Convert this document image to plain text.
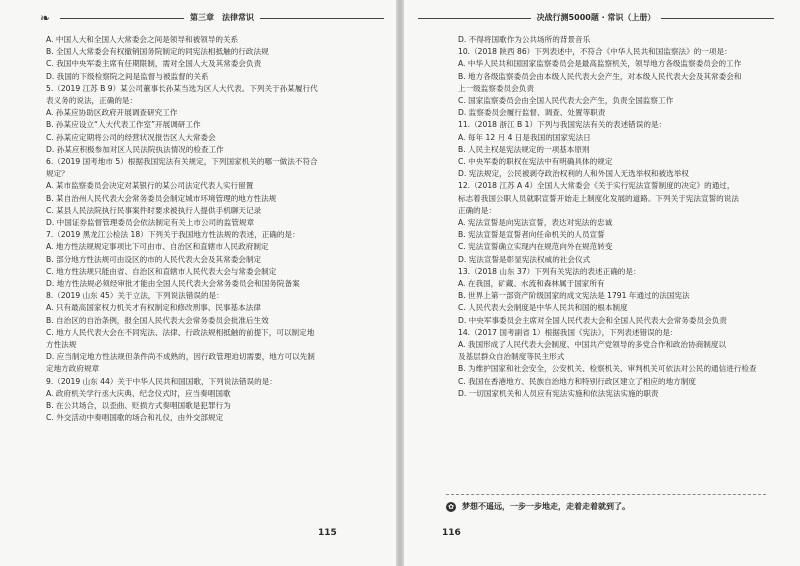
❧	第三章 法律常识
A. 中国人大和全国人大常委会之间是领导和被领导的关系
B. 全国人大常委会有权撤销国务院制定的同宪法相抵触的行政法规
C. 我国中央军委主席有任期限制，需对全国人大及其常委会负责
D. 我国的下级检察院之间是监督与被监督的关系
5.（2019 江苏 B 9）某公司董事长孙某当选为区人大代表。下列关于孙某履行代
表义务的说法，正确的是：
A. 孙某应协助区政府开展调查研究工作
B. 孙某应设立“人大代表工作室”开展调研工作
C. 孙某应定期将公司的经营状况报告区人大常委会
D. 孙某应积极参加对区人民法院执法情况的检查工作
6.（2019 国考地市 5）根据我国宪法有关规定，下列国家机关的哪一做法不符合
规定？
A. 某市监察委员会决定对某银行的某公司法定代表人实行留置
B. 某自治州人民代表大会常务委员会制定城市环境管理的地方性法规
C. 某县人民法院执行民事案件时要求被执行人提供手机聊天记录
D. 中国证券监督管理委员会依法制定有关上市公司的监管规章
7.（2019 黑龙江公检法 18）下列关于我国地方性法规的表述，正确的是：
A. 地方性法规规定事项比下可由市、自治区和直辖市人民政府制定
B. 部分地方性法规可由设区的市的人民代表大会及其常委会制定
C. 地方性法规只能由省、自治区和直辖市人民代表大会与常委会制定
D. 地方性法规必须经审批才能由全国人民代表大会常务委员会和国务院备案
8.（2019 山东 45）关于立法，下列说法错误的是：
A. 只有最高国家权力机关才有权制定和修改刑事、民事基本法律
B. 自治区的自治条例，报全国人民代表大会常务委员会批准后生效
C. 地方人民代表大会在不同宪法、法律、行政法规相抵触的前提下，可以制定地
方性法规
D. 应当制定地方性法规但条件尚不成熟的，因行政管理迫切需要，地方可以先制
定地方政府规章
9.（2019 山东 44）关于中华人民共和国国歌，下列说法错误的是：
A. 政府机关学行丞大庆典、纪念仪式时，应当奏唱国歌
B. 在公共场合，以歪曲、贬损方式奏唱国歌是犯罪行为
C. 外交活动中奏唱国歌的场合和礼仪，由外交部规定
115
决战行测5000题 · 常识（上册）
D. 不得将国歌作为公共场所的背景音乐
10.（2018 陕西 86）下列表述中，不符合《中华人民共和国监察法》的一项是：
A. 中华人民共和国国家监察委员会是最高监察机关，领导地方各级监察委员会的工作
B. 地方各级监察委员会由本级人民代表大会产生，对本级人民代表大会及其常委会和
上一级监察委员会负责
C. 国家监察委员会由全国人民代表大会产生，负责全国监察工作
D. 监察委员会履行监督、调查、处置等职责
11.（2018 浙江 B 1）下列与我国宪法有关的表述错误的是：
A. 每年 12 月 4 日是我国的国家宪法日
B. 人民主权是宪法规定的一项基本原则
C. 中央军委的职权在宪法中有明确具体的规定
D. 宪法规定，公民被剥夺政治权利的人和外国人无选举权和被选举权
12.（2018 江苏 A 4）全国人大常委会《关于实行宪法宣誓制度的决定》的通过，
标志着我国公职人员就职宣誓开始走上制度化发展的道路。下列关于宪法宣誓的说法
正确的是：
A. 宪法宣誓是向宪法宣誓，表达对宪法的忠诚
B. 宪法宣誓是宣誓者向任命机关的人员宣誓
C. 宪法宣誓确立实现内在规范向外在规范转变
D. 宪法宣誓是彰显宪法权威的社会仪式
13.（2018 山东 37）下列有关宪法的表述正确的是：
A. 在我国，矿藏、水流和森林属于国家所有
B. 世界上第一部资产阶级国家的成文宪法是 1791 年通过的法国宪法
C. 人民代表大会制度是中华人民共和国的根本制度
D. 中央军事委员会主席对全国人民代表大会和全国人民代表大会常务委员会负责
14.（2017 国考副省 1）根据我国《宪法》，下列表述错误的是：
A. 我国形成了人民代表大会制度、中国共产党领导的多党合作和政治协商制度以
及基层群众自治制度等民主形式
B. 为维护国家和社会安全，公安机关、检察机关、审判机关可依法对公民的通信进行检查
C. 我国在香港地方、民族自治地方和特别行政区建立了相应的地方制度
D. 一切国家机关和人员应有宪法实施和依法宪法实施的职责
✿ 梦想不遥远，一步一步地走，走着走着就到了。
116
